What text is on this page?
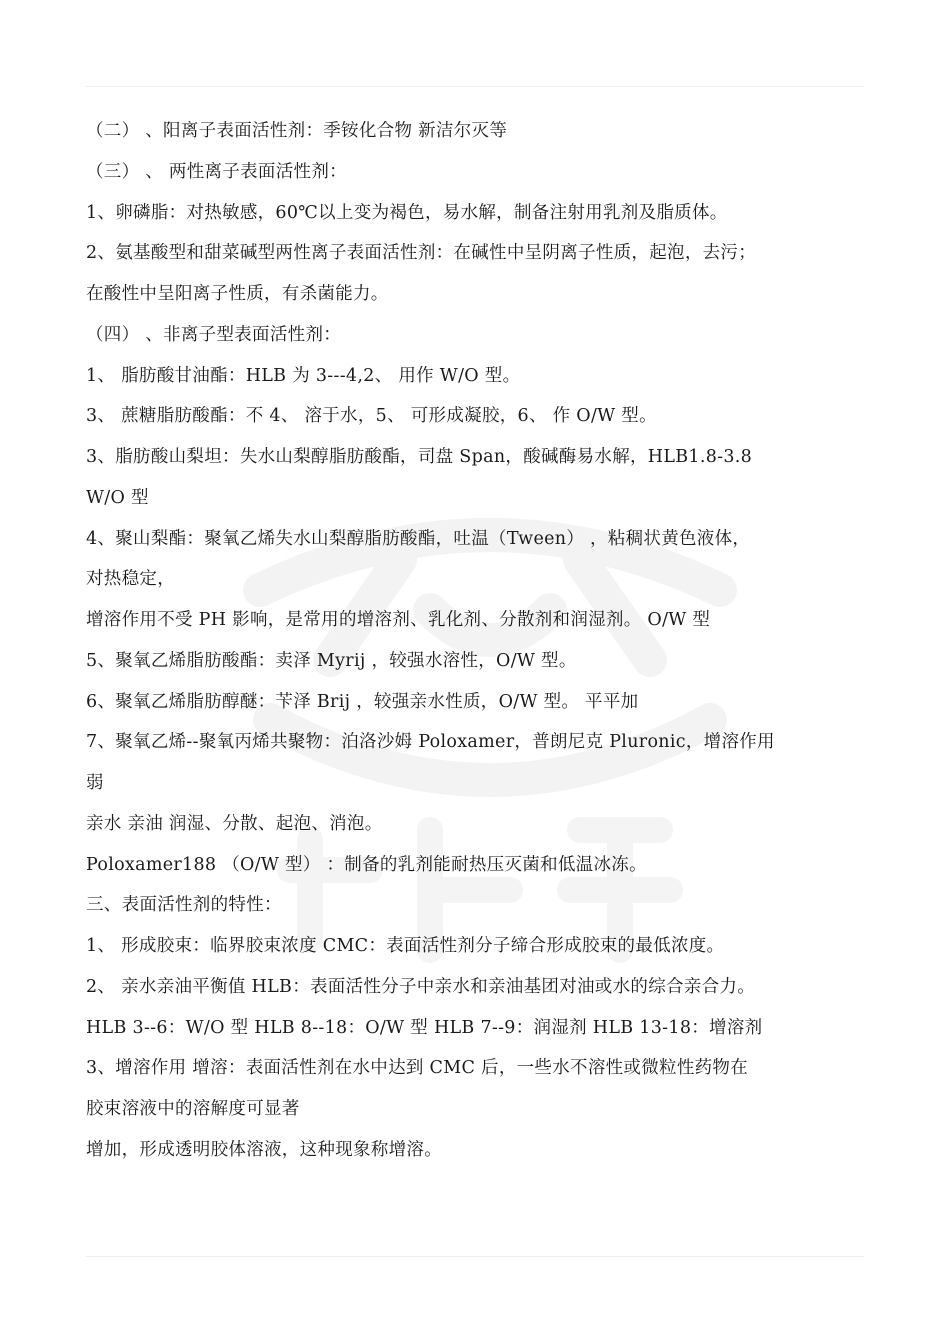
（二） 、阳离子表面活性剂：季铵化合物 新洁尔灭等
（三） 、 两性离子表面活性剂：
1、卵磷脂：对热敏感，60℃以上变为褐色，易水解，制备注射用乳剂及脂质体。
2、氨基酸型和甜菜碱型两性离子表面活性剂：在碱性中呈阴离子性质，起泡，去污；
在酸性中呈阳离子性质，有杀菌能力。
（四） 、非离子型表面活性剂：
1、 脂肪酸甘油酯：HLB 为 3---4,2、 用作 W/O 型。
3、 蔗糖脂肪酸酯：不 4、 溶于水，5、 可形成凝胶，6、 作 O/W 型。
3、脂肪酸山梨坦：失水山梨醇脂肪酸酯，司盘 Span，酸碱酶易水解，HLB1.8-3.8
W/O 型
4、聚山梨酯：聚氧乙烯失水山梨醇脂肪酸酯，吐温（Tween） ，粘稠状黄色液体，
对热稳定，
增溶作用不受 PH 影响，是常用的增溶剂、乳化剂、分散剂和润湿剂。 O/W 型
5、聚氧乙烯脂肪酸酯：卖泽 Myrij ，较强水溶性，O/W 型。
6、聚氧乙烯脂肪醇醚：苄泽 Brij ，较强亲水性质，O/W 型。 平平加
7、聚氧乙烯--聚氧丙烯共聚物：泊洛沙姆 Poloxamer，普朗尼克 Pluronic，增溶作用
弱
亲水 亲油 润湿、分散、起泡、消泡。
Poloxamer188 （O/W 型） ：制备的乳剂能耐热压灭菌和低温冰冻。
三、表面活性剂的特性：
1、 形成胶束：临界胶束浓度 CMC：表面活性剂分子缔合形成胶束的最低浓度。
2、 亲水亲油平衡值 HLB：表面活性分子中亲水和亲油基团对油或水的综合亲合力。
HLB 3--6：W/O 型 HLB 8--18：O/W 型 HLB 7--9：润湿剂 HLB 13-18：增溶剂
3、增溶作用 增溶：表面活性剂在水中达到 CMC 后，一些水不溶性或微粒性药物在
胶束溶液中的溶解度可显著
增加，形成透明胶体溶液，这种现象称增溶。
